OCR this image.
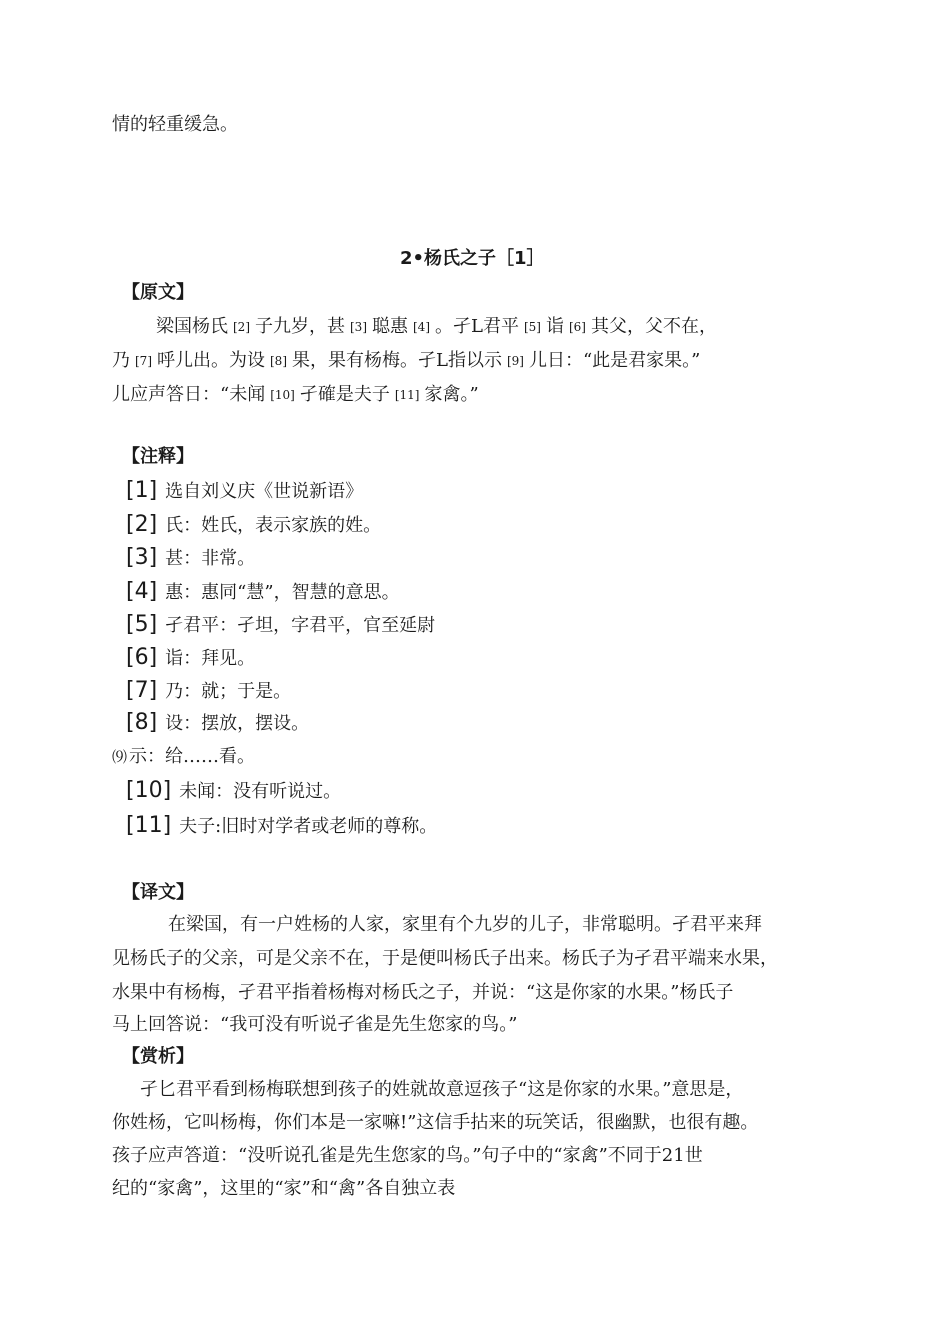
情的轻重缓急。
2•杨氏之子［1］
【原文】
梁国杨氏 [2] 子九岁，甚 [3] 聪惠 [4] 。孑L君平 [5] 诣 [6] 其父，父不在，
乃 [7] 呼儿出。为设 [8] 果，果有杨梅。孑L指以示 [9] 儿日：“此是君家果。”
儿应声答日：“未闻 [10] 孑確是夫子 [11] 家禽。”
【注释】
[1] 选自刘义庆《世说新语》
[2] 氏：姓氏，表示家族的姓。
[3] 甚：非常。
[4] 惠：惠同“慧”，智慧的意思。
[5] 孑君平：孑坦，字君平，官至延尉
[6] 诣：拜见。
[7] 乃：就；于是。
[8] 设：摆放，摆设。
⑼ 示：给……看。
[10] 未闻：没有听说过。
[11] 夫子:旧时对学者或老师的尊称。
【译文】
在梁国，有一户姓杨的人家，家里有个九岁的儿子，非常聪明。孑君平来拜
见杨氏子的父亲，可是父亲不在，于是便叫杨氏子出来。杨氏子为孑君平端来水果，
水果中有杨梅，孑君平指着杨梅对杨氏之子，并说：“这是你家的水果。”杨氏子
马上回答说：“我可没有听说孑雀是先生您家的鸟。”
【赏析】
孑匕君平看到杨梅联想到孩子的姓就故意逗孩子“这是你家的水果。”意思是，
你姓杨，它叫杨梅，你们本是一家嘛!”这信手拈来的玩笑话，很幽默，也很有趣。
孩子应声答道：“没听说孔雀是先生您家的鸟。”句子中的“家禽”不同于21世
纪的“家禽”，这里的“家”和“禽”各自独立表
